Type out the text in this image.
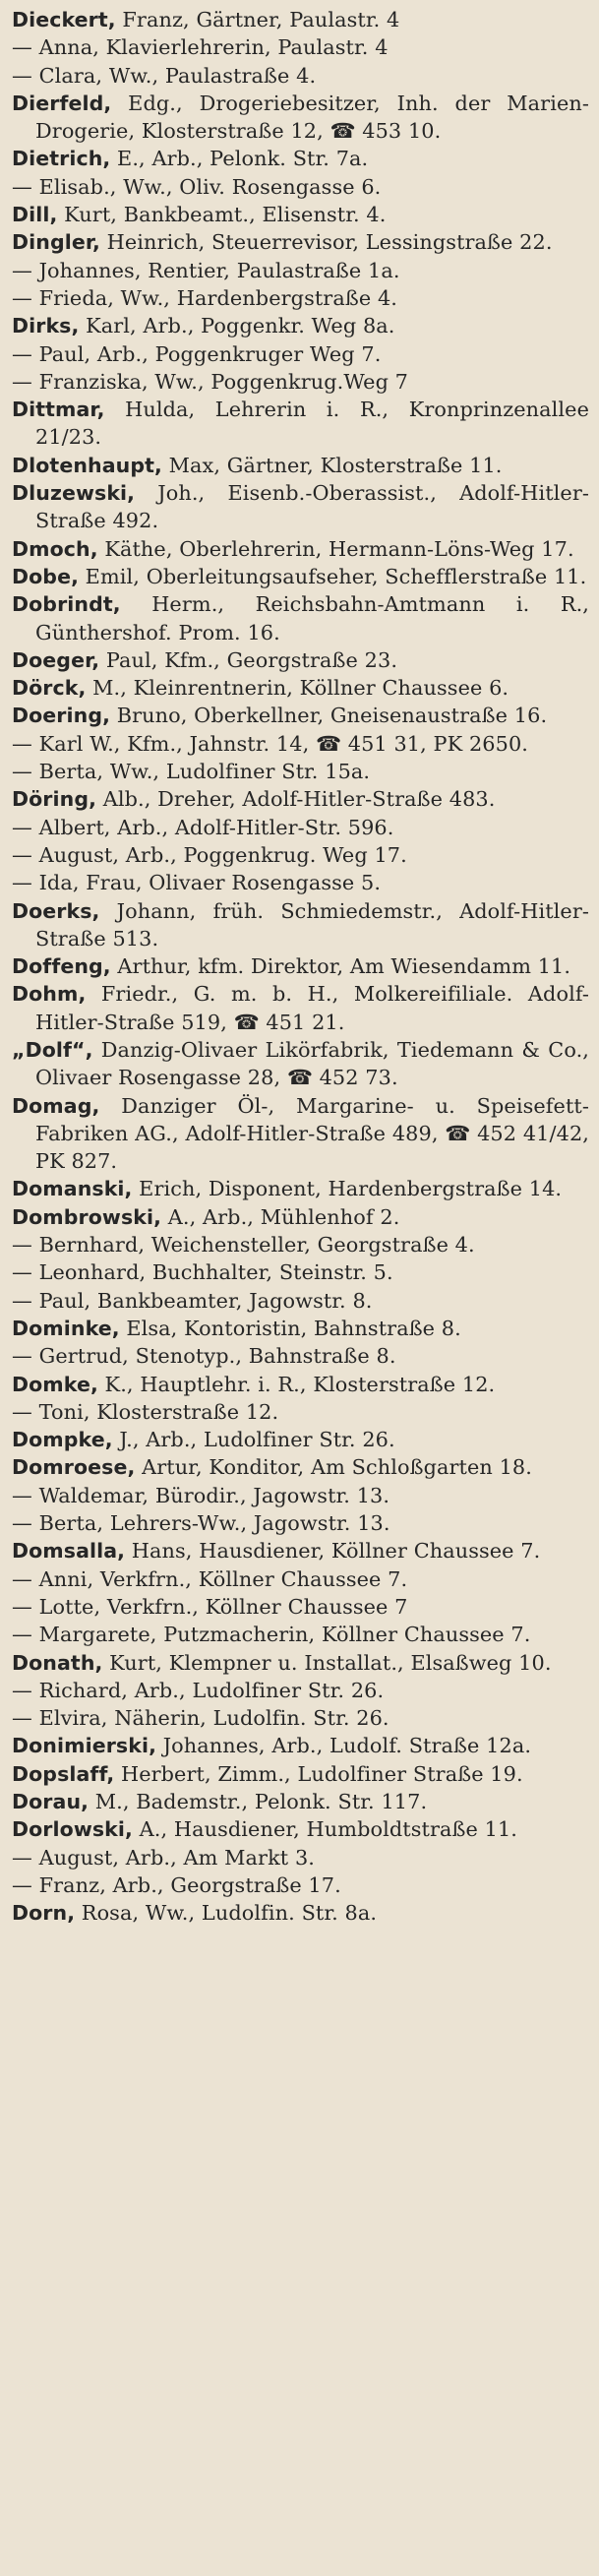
Dieckert, Franz, Gärtner, Paulastr. 4
— Anna, Klavierlehrerin, Paulastr. 4
— Clara, Ww., Paulastraße 4.
Dierfeld, Edg., Drogeriebesitzer, Inh. der Marien-Drogerie, Klosterstraße 12, ☎ 453 10.
Dietrich, E., Arb., Pelonk. Str. 7a.
— Elisab., Ww., Oliv. Rosengasse 6.
Dill, Kurt, Bankbeamt., Elisenstr. 4.
Dingler, Heinrich, Steuerrevisor, Lessingstraße 22.
— Johannes, Rentier, Paulastraße 1a.
— Frieda, Ww., Hardenbergstraße 4.
Dirks, Karl, Arb., Poggenkr. Weg 8a.
— Paul, Arb., Poggenkruger Weg 7.
— Franziska, Ww., Poggenkrug.Weg 7
Dittmar, Hulda, Lehrerin i. R., Kronprinzenallee 21/23.
Dlotenhaupt, Max, Gärtner, Klosterstraße 11.
Dluzewski, Joh., Eisenb.-Oberassist., Adolf-Hitler-Straße 492.
Dmoch, Käthe, Oberlehrerin, Hermann-Löns-Weg 17.
Dobe, Emil, Oberleitungsaufseher, Schefflerstraße 11.
Dobrindt, Herm., Reichsbahn-Amtmann i. R., Günthershof. Prom. 16.
Doeger, Paul, Kfm., Georgstraße 23.
Dörck, M., Kleinrentnerin, Köllner Chaussee 6.
Doering, Bruno, Oberkellner, Gneisenaustraße 16.
— Karl W., Kfm., Jahnstr. 14, ☎ 451 31, PK 2650.
— Berta, Ww., Ludolfiner Str. 15a.
Döring, Alb., Dreher, Adolf-Hitler-Straße 483.
— Albert, Arb., Adolf-Hitler-Str. 596.
— August, Arb., Poggenkrug. Weg 17.
— Ida, Frau, Olivaer Rosengasse 5.
Doerks, Johann, früh. Schmiedemstr., Adolf-Hitler-Straße 513.
Doffeng, Arthur, kfm. Direktor, Am Wiesendamm 11.
Dohm, Friedr., G. m. b. H., Molkereifiliale. Adolf-Hitler-Straße 519, ☎ 451 21.
„Dolf“, Danzig-Olivaer Likörfabrik, Tiedemann & Co., Olivaer Rosengasse 28, ☎ 452 73.
Domag, Danziger Öl-, Margarine- u. Speisefett-Fabriken AG., Adolf-Hitler-Straße 489, ☎ 452 41/42, PK 827.
Domanski, Erich, Disponent, Hardenbergstraße 14.
Dombrowski, A., Arb., Mühlenhof 2.
— Bernhard, Weichensteller, Georgstraße 4.
— Leonhard, Buchhalter, Steinstr. 5.
— Paul, Bankbeamter, Jagowstr. 8.
Dominke, Elsa, Kontoristin, Bahnstraße 8.
— Gertrud, Stenotyp., Bahnstraße 8.
Domke, K., Hauptlehr. i. R., Klosterstraße 12.
— Toni, Klosterstraße 12.
Dompke, J., Arb., Ludolfiner Str. 26.
Domroese, Artur, Konditor, Am Schloßgarten 18.
— Waldemar, Bürodir., Jagowstr. 13.
— Berta, Lehrers-Ww., Jagowstr. 13.
Domsalla, Hans, Hausdiener, Köllner Chaussee 7.
— Anni, Verkfrn., Köllner Chaussee 7.
— Lotte, Verkfrn., Köllner Chaussee 7
— Margarete, Putzmacherin, Köllner Chaussee 7.
Donath, Kurt, Klempner u. Installat., Elsaßweg 10.
— Richard, Arb., Ludolfiner Str. 26.
— Elvira, Näherin, Ludolfin. Str. 26.
Donimierski, Johannes, Arb., Ludolf. Straße 12a.
Dopslaff, Herbert, Zimm., Ludolfiner Straße 19.
Dorau, M., Bademstr., Pelonk. Str. 117.
Dorlowski, A., Hausdiener, Humboldtstraße 11.
— August, Arb., Am Markt 3.
— Franz, Arb., Georgstraße 17.
Dorn, Rosa, Ww., Ludolfin. Str. 8a.
